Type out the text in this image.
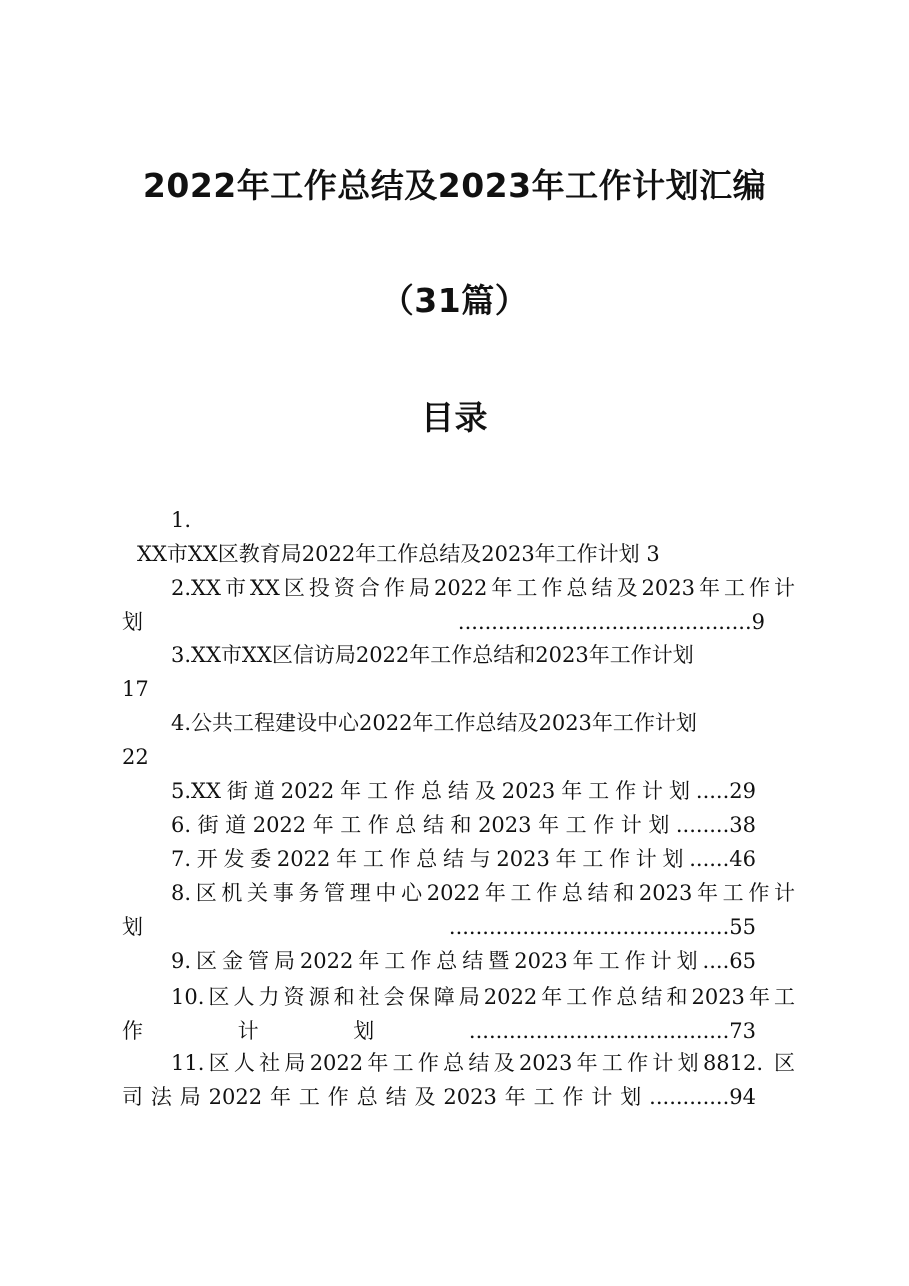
2022年工作总结及2023年工作计划汇编
（31篇）
目录
1.
XX市XX区教育局2022年工作总结及2023年工作计划 3
2.XX市XX区投资合作局2022年工作总结及2023年工作计
划............................................9
3.XX市XX区信访局2022年工作总结和2023年工作计划
17
4.公共工程建设中心2022年工作总结及2023年工作计划
22
5.XX街道2022年工作总结及2023年工作计划.....29
6.街道2022年工作总结和2023年工作计划........38
7.开发委2022年工作总结与2023年工作计划......46
8.区机关事务管理中心2022年工作总结和2023年工作计
划..........................................55
9.区金管局2022年工作总结暨2023年工作计划....65
10.区人力资源和社会保障局2022年工作总结和2023年工
作计划.......................................73
11.区人社局2022年工作总结及2023年工作计划8812. 区
司法局2022年工作总结及2023年工作计划............94
